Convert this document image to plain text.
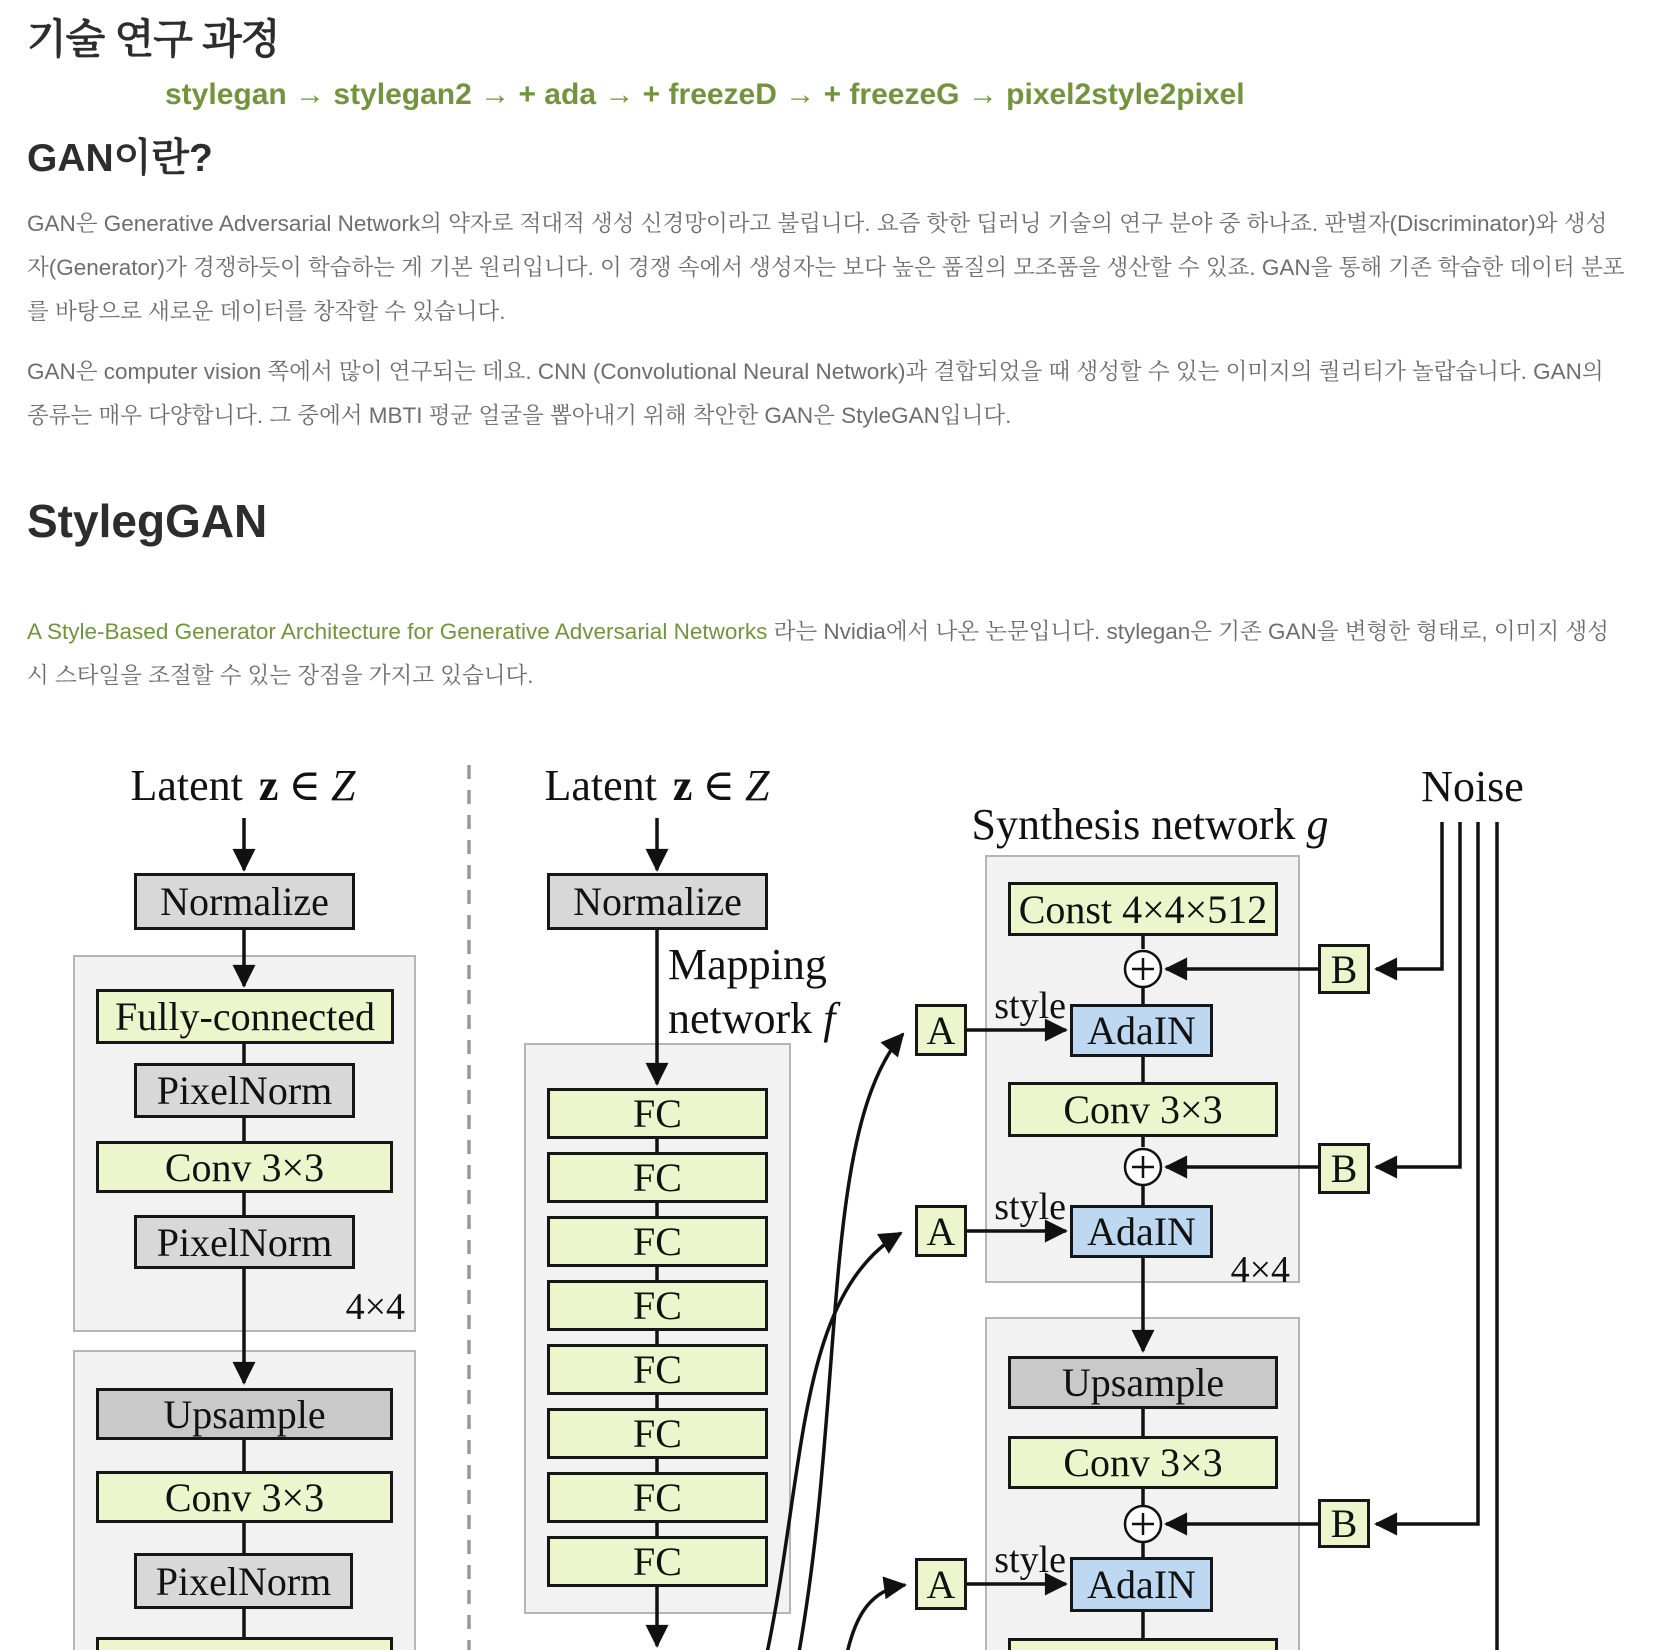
기술 연구 과정
stylegan → stylegan2 → + ada → + freezeD → + freezeG → pixel2style2pixel
GAN이란?

GAN은 Generative Adversarial Network의 약자로 적대적 생성 신경망이라고 불립니다. 요즘 핫한 딥러닝 기술의 연구 분야 중 하나죠. 판별자(Discriminator)와 생성자(Generator)가 경쟁하듯이 학습하는 게 기본 원리입니다. 이 경쟁 속에서 생성자는 보다 높은 품질의 모조품을 생산할 수 있죠. GAN을 통해 기존 학습한 데이터 분포를 바탕으로 새로운 데이터를 창작할 수 있습니다.

GAN은 computer vision 쪽에서 많이 연구되는 데요. CNN (Convolutional Neural Network)과 결합되었을 때 생성할 수 있는 이미지의 퀄리티가 놀랍습니다. GAN의 종류는 매우 다양합니다. 그 중에서 MBTI 평균 얼굴을 뽑아내기 위해 착안한 GAN은 StyleGAN입니다.

StylegGAN

A Style-Based Generator Architecture for Generative Adversarial Networks 라는 Nvidia에서 나온 논문입니다. stylegan은 기존 GAN을 변형한 형태로, 이미지 생성 시 스타일을 조절할 수 있는 장점을 가지고 있습니다.

Latent z ∈ Z
Normalize
Fully-connected
PixelNorm
Conv 3×3
PixelNorm
4×4
Upsample
Conv 3×3
PixelNorm
Latent z ∈ Z
Normalize
Mapping
network f
FC
FC
FC
FC
FC
FC
FC
FC
Synthesis network g
Noise
Const 4×4×512
AdaIN
Conv 3×3
AdaIN
4×4
Upsample
Conv 3×3
AdaIN
A
A
A
B
B
B
style
style
style
